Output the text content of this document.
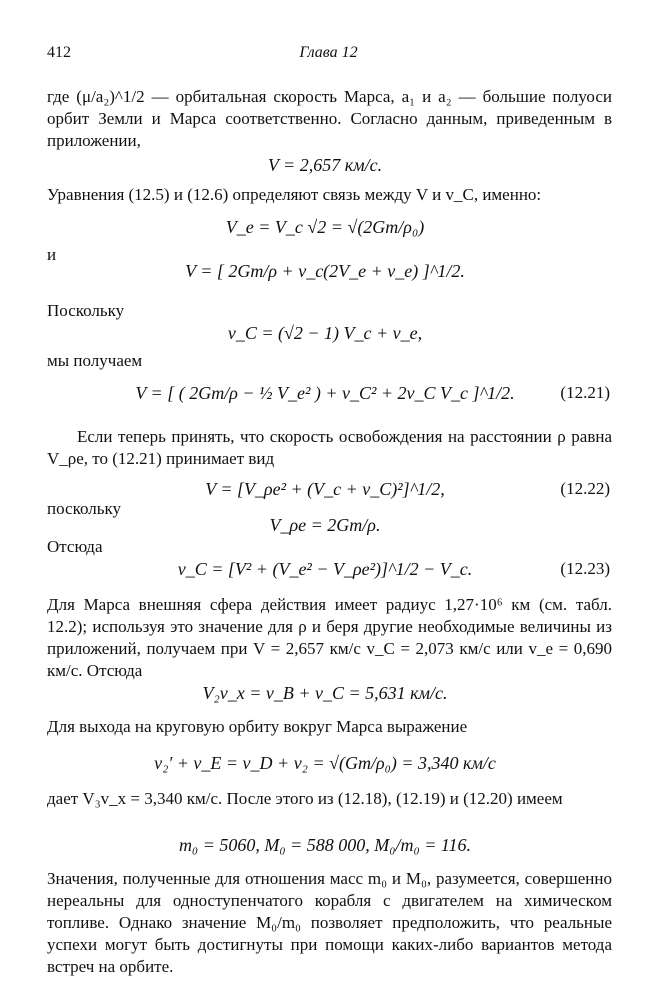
412	Глава 12
где (μ/a₂)^1/2 — орбитальная скорость Марса, a₁ и a₂ — большие полуоси орбит Земли и Марса соответственно. Согласно данным, приведенным в приложении,
V = 2,657 км/с.
Уравнения (12.5) и (12.6) определяют связь между V и v_C, именно:
V_e = V_c √2 = √(2Gm/ρ₀)
и
V = [ 2Gm/ρ + v_c(2V_e + v_e) ]^1/2.
Поскольку
v_C = (√2 − 1) V_c + v_e,
мы получаем
V = [ ( 2Gm/ρ − ½ V_e² ) + v_C² + 2v_C V_c ]^1/2.	(12.21)
Если теперь принять, что скорость освобождения на расстоянии ρ равна V_ρe, то (12.21) принимает вид
V = [V_ρe² + (V_c + v_C)²]^1/2,	(12.22)
поскольку
V_ρe = 2Gm/ρ.
Отсюда
v_C = [V² + (V_e² − V_ρe²)]^1/2 − V_c.	(12.23)
Для Марса внешняя сфера действия имеет радиус 1,27·10⁶ км (см. табл. 12.2); используя это значение для ρ и беря другие необходимые величины из приложений, получаем при V = 2,657 км/с v_C = 2,073 км/с или v_e = 0,690 км/с. Отсюда
V₂v_x = v_B + v_C = 5,631 км/с.
Для выхода на круговую орбиту вокруг Марса выражение
v₂′ + v_E = v_D + v₂ = √(Gm/ρ₀) = 3,340 км/с
дает V₃v_x = 3,340 км/с. После этого из (12.18), (12.19) и (12.20) имеем
m₀ = 5060, M₀ = 588 000, M₀/m₀ = 116.
Значения, полученные для отношения масс m₀ и M₀, разумеется, совершенно нереальны для одноступенчатого корабля с двигателем на химическом топливе. Однако значение M₀/m₀ позволяет предположить, что реальные успехи могут быть достигнуты при помощи каких-либо вариантов метода встреч на орбите.
